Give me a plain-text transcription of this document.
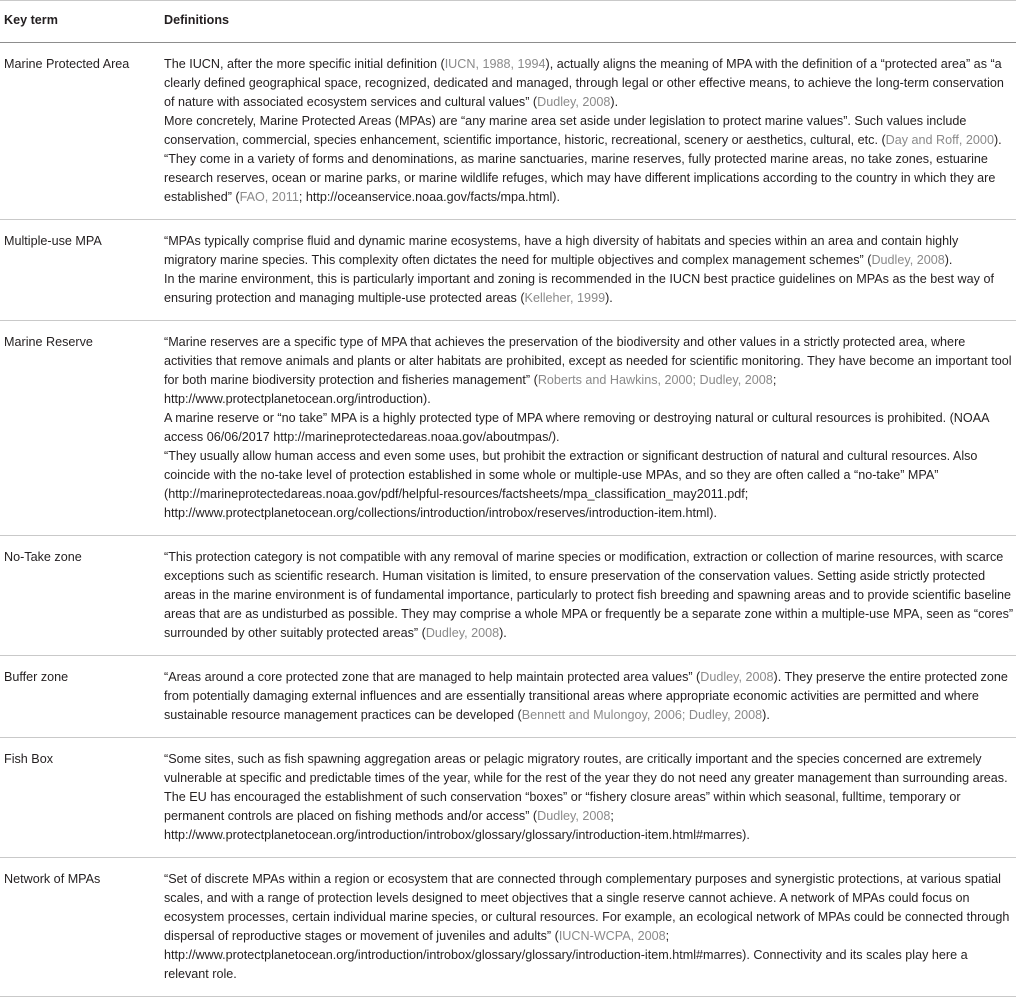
Key term	Definitions
Marine Protected Area	The IUCN, after the more specific initial definition (IUCN, 1988, 1994), actually aligns the meaning of MPA with the definition of a “protected area” as “a clearly defined geographical space, recognized, dedicated and managed, through legal or other effective means, to achieve the long-term conservation of nature with associated ecosystem services and cultural values” (Dudley, 2008).
More concretely, Marine Protected Areas (MPAs) are “any marine area set aside under legislation to protect marine values”. Such values include conservation, commercial, species enhancement, scientific importance, historic, recreational, scenery or aesthetics, cultural, etc. (Day and Roff, 2000).
“They come in a variety of forms and denominations, as marine sanctuaries, marine reserves, fully protected marine areas, no take zones, estuarine research reserves, ocean or marine parks, or marine wildlife refuges, which may have different implications according to the country in which they are established” (FAO, 2011; http://oceanservice.noaa.gov/facts/mpa.html).

Multiple-use MPA	“MPAs typically comprise fluid and dynamic marine ecosystems, have a high diversity of habitats and species within an area and contain highly migratory marine species. This complexity often dictates the need for multiple objectives and complex management schemes” (Dudley, 2008).
In the marine environment, this is particularly important and zoning is recommended in the IUCN best practice guidelines on MPAs as the best way of ensuring protection and managing multiple-use protected areas (Kelleher, 1999).

Marine Reserve	“Marine reserves are a specific type of MPA that achieves the preservation of the biodiversity and other values in a strictly protected area, where activities that remove animals and plants or alter habitats are prohibited, except as needed for scientific monitoring. They have become an important tool for both marine biodiversity protection and fisheries management” (Roberts and Hawkins, 2000; Dudley, 2008; http://www.protectplanetocean.org/introduction).
A marine reserve or “no take” MPA is a highly protected type of MPA where removing or destroying natural or cultural resources is prohibited. (NOAA access 06/06/2017 http://marineprotectedareas.noaa.gov/aboutmpas/).
“They usually allow human access and even some uses, but prohibit the extraction or significant destruction of natural and cultural resources. Also coincide with the no-take level of protection established in some whole or multiple-use MPAs, and so they are often called a “no-take” MPA” (http://marineprotectedareas.noaa.gov/pdf/helpful-resources/factsheets/mpa_classification_may2011.pdf; http://www.protectplanetocean.org/collections/introduction/introbox/reserves/introduction-item.html).

No-Take zone	“This protection category is not compatible with any removal of marine species or modification, extraction or collection of marine resources, with scarce exceptions such as scientific research. Human visitation is limited, to ensure preservation of the conservation values. Setting aside strictly protected areas in the marine environment is of fundamental importance, particularly to protect fish breeding and spawning areas and to provide scientific baseline areas that are as undisturbed as possible. They may comprise a whole MPA or frequently be a separate zone within a multiple-use MPA, seen as “cores” surrounded by other suitably protected areas” (Dudley, 2008).

Buffer zone	“Areas around a core protected zone that are managed to help maintain protected area values” (Dudley, 2008). They preserve the entire protected zone from potentially damaging external influences and are essentially transitional areas where appropriate economic activities are permitted and where sustainable resource management practices can be developed (Bennett and Mulongoy, 2006; Dudley, 2008).

Fish Box	“Some sites, such as fish spawning aggregation areas or pelagic migratory routes, are critically important and the species concerned are extremely vulnerable at specific and predictable times of the year, while for the rest of the year they do not need any greater management than surrounding areas. The EU has encouraged the establishment of such conservation “boxes” or “fishery closure areas” within which seasonal, fulltime, temporary or permanent controls are placed on fishing methods and/or access” (Dudley, 2008; http://www.protectplanetocean.org/introduction/introbox/glossary/glossary/introduction-item.html#marres).

Network of MPAs	“Set of discrete MPAs within a region or ecosystem that are connected through complementary purposes and synergistic protections, at various spatial scales, and with a range of protection levels designed to meet objectives that a single reserve cannot achieve. A network of MPAs could focus on ecosystem processes, certain individual marine species, or cultural resources. For example, an ecological network of MPAs could be connected through dispersal of reproductive stages or movement of juveniles and adults” (IUCN-WCPA, 2008; http://www.protectplanetocean.org/introduction/introbox/glossary/glossary/introduction-item.html#marres). Connectivity and its scales play here a relevant role.
